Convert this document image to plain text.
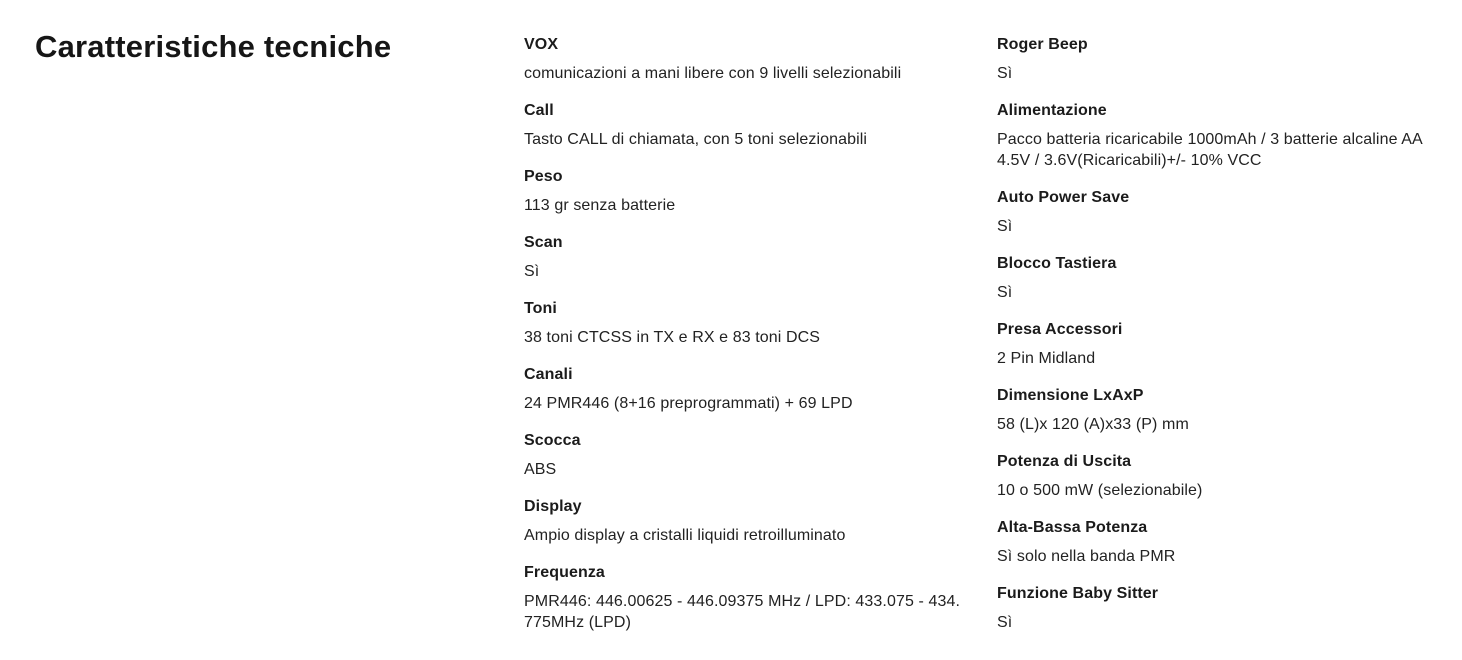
Caratteristiche tecniche	VOX
comunicazioni a mani libere con 9 livelli selezionabili
Call
Tasto CALL di chiamata, con 5 toni selezionabili
Peso
113 gr senza batterie
Scan
Sì
Toni
38 toni CTCSS in TX e RX e 83 toni DCS
Canali
24 PMR446 (8+16 preprogrammati) + 69 LPD
Scocca
ABS
Display
Ampio display a cristalli liquidi retroilluminato
Frequenza
PMR446: 446.00625 - 446.09375 MHz / LPD: 433.075 - 434.775MHz (LPD)
Roger Beep
Sì
Alimentazione
Pacco batteria ricaricabile 1000mAh / 3 batterie alcaline AA 4.5V / 3.6V(Ricaricabili)+/- 10% VCC
Auto Power Save
Sì
Blocco Tastiera
Sì
Presa Accessori
2 Pin Midland
Dimensione LxAxP
58 (L)x 120 (A)x33 (P) mm
Potenza di Uscita
10 o 500 mW (selezionabile)
Alta-Bassa Potenza
Sì solo nella banda PMR
Funzione Baby Sitter
Sì
